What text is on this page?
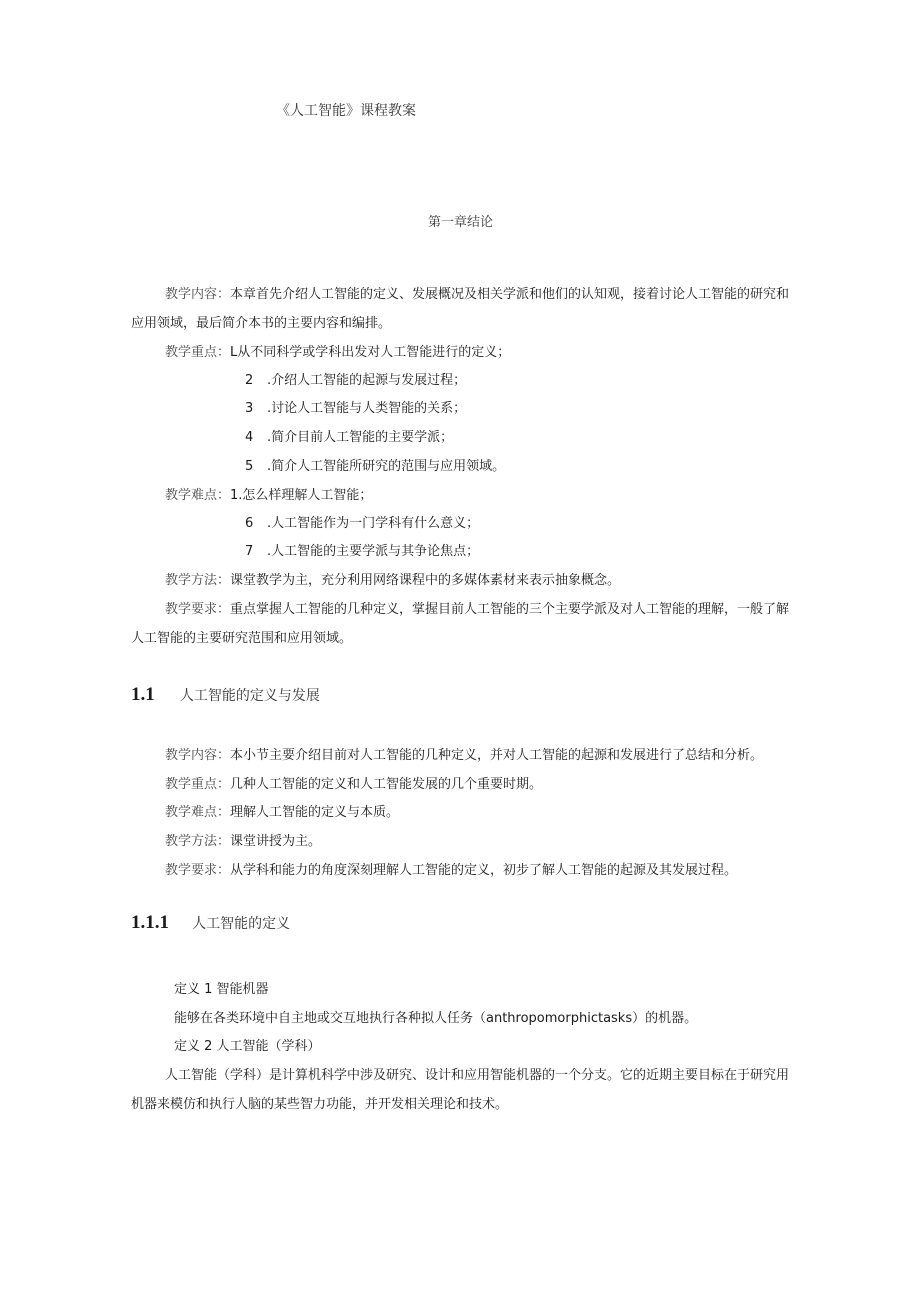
《人工智能》课程教案
第一章结论
教学内容：本章首先介绍人工智能的定义、发展概况及相关学派和他们的认知观，接着讨论人工智能的研究和应用领域，最后简介本书的主要内容和编排。
教学重点：L从不同科学或学科出发对人工智能进行的定义；
2 .介绍人工智能的起源与发展过程；
3 .讨论人工智能与人类智能的关系；
4 .简介目前人工智能的主要学派；
5 .简介人工智能所研究的范围与应用领域。
教学难点：1.怎么样理解人工智能；
6 .人工智能作为一门学科有什么意义；
7 .人工智能的主要学派与其争论焦点；
教学方法：课堂教学为主，充分利用网络课程中的多媒体素材来表示抽象概念。
教学要求：重点掌握人工智能的几种定义，掌握目前人工智能的三个主要学派及对人工智能的理解，一般了解人工智能的主要研究范围和应用领域。
1.1 人工智能的定义与发展
教学内容：本小节主要介绍目前对人工智能的几种定义，并对人工智能的起源和发展进行了总结和分析。
教学重点：几种人工智能的定义和人工智能发展的几个重要时期。
教学难点：理解人工智能的定义与本质。
教学方法：课堂讲授为主。
教学要求：从学科和能力的角度深刻理解人工智能的定义，初步了解人工智能的起源及其发展过程。
1.1.1 人工智能的定义
定义 1 智能机器
能够在各类环境中自主地或交互地执行各种拟人任务（anthropomorphictasks）的机器。
定义 2 人工智能（学科）
人工智能（学科）是计算机科学中涉及研究、设计和应用智能机器的一个分支。它的近期主要目标在于研究用机器来模仿和执行人脑的某些智力功能，并开发相关理论和技术。
